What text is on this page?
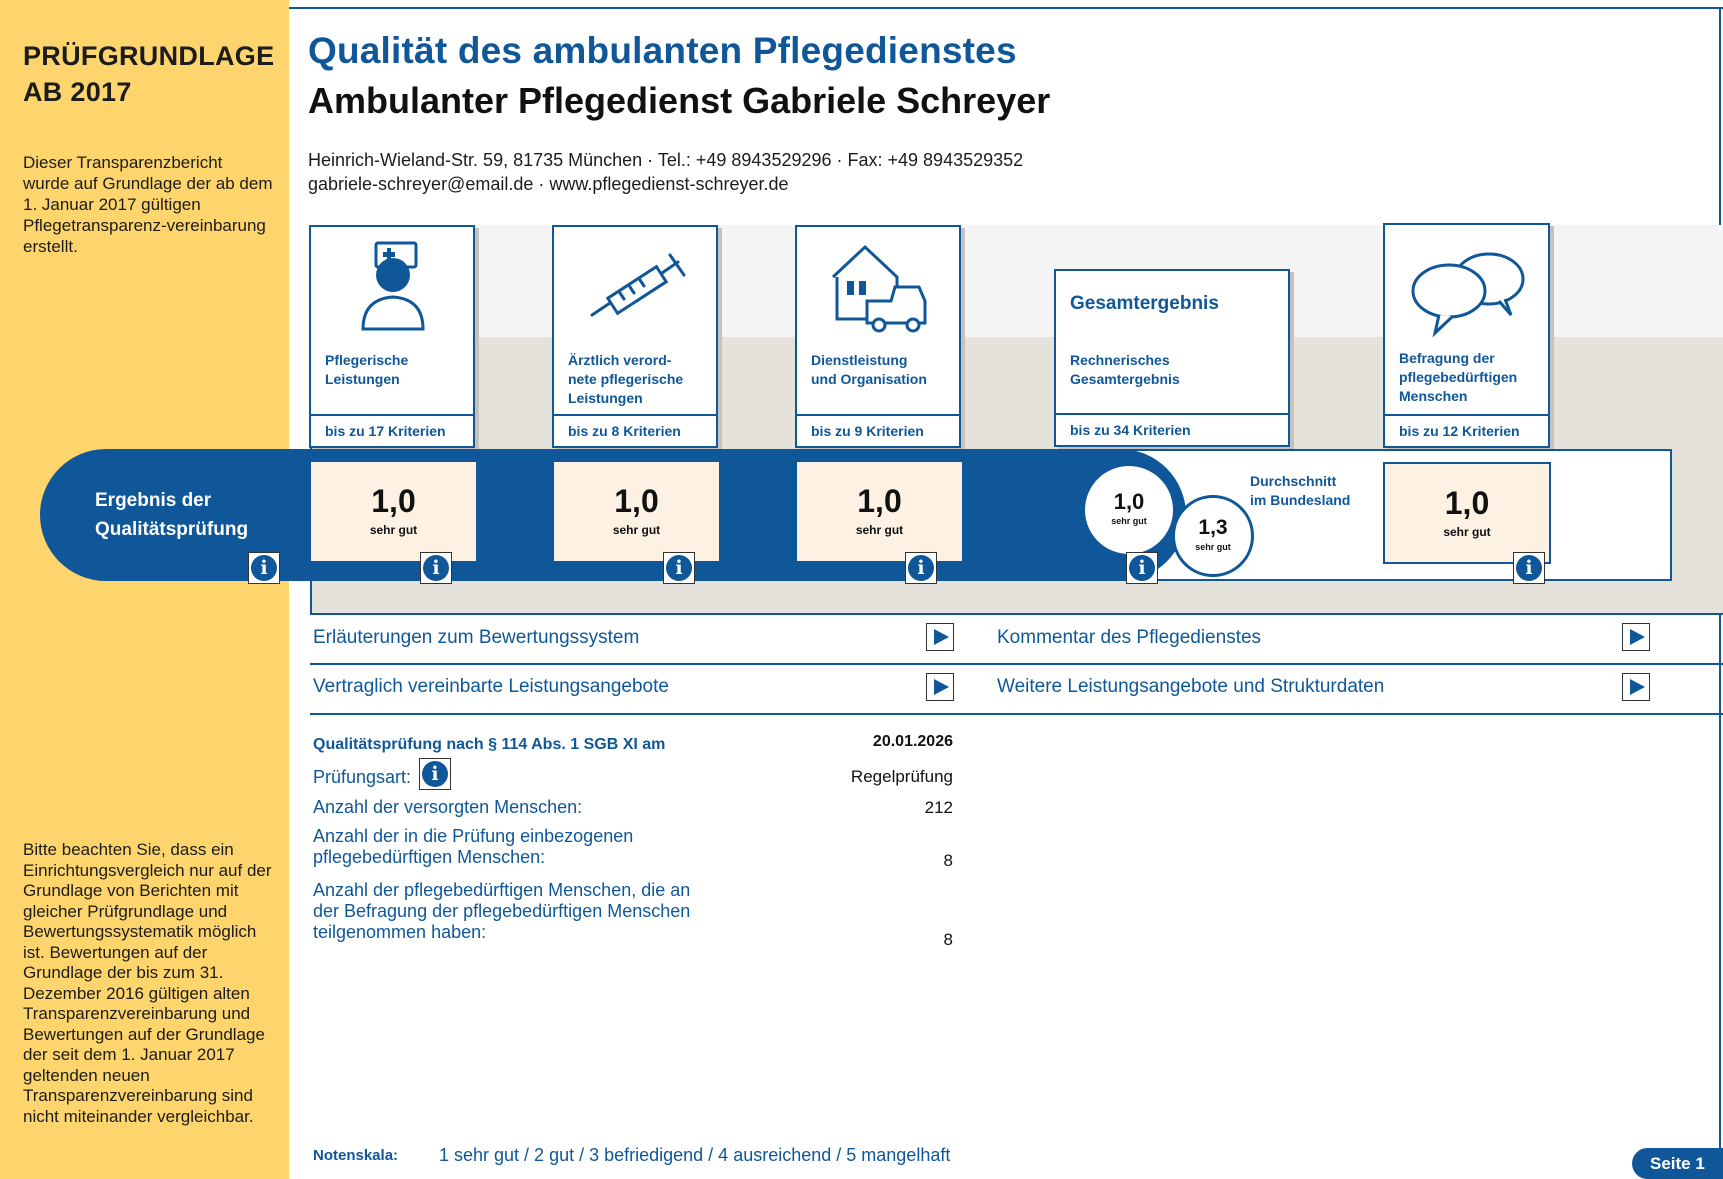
PRÜFGRUNDLAGE
AB 2017
Dieser Transparenzbericht wurde auf Grundlage der ab dem 1. Januar 2017 gültigen Pflegetransparenz-vereinbarung erstellt.
Bitte beachten Sie, dass ein Einrichtungsvergleich nur auf der Grundlage von Berichten mit gleicher Prüfgrundlage und Bewertungssystematik möglich ist. Bewertungen auf der Grundlage der bis zum 31. Dezember 2016 gültigen alten Transparenzvereinbarung und Bewertungen auf der Grundlage der seit dem 1. Januar 2017 geltenden neuen Transparenzvereinbarung sind nicht miteinander vergleichbar.
Qualität des ambulanten Pflegedienstes
Ambulanter Pflegedienst Gabriele Schreyer
Heinrich-Wieland-Str. 59, 81735 München · Tel.: +49 8943529296 · Fax: +49 8943529352
gabriele-schreyer@email.de · www.pflegedienst-schreyer.de
Pflegerische
Leistungen
bis zu 17 Kriterien
Ärztlich verord-
nete pflegerische
Leistungen
bis zu 8 Kriterien
Dienstleistung
und Organisation
bis zu 9 Kriterien
Gesamtergebnis
Rechnerisches
Gesamtergebnis
bis zu 34 Kriterien
Befragung der
pflegebedürftigen
Menschen
bis zu 12 Kriterien
Ergebnis der
Qualitätsprüfung
1,0
sehr gut
1,0
sehr gut
1,0
sehr gut
1,0
sehr gut
1,0
sehr gut	1,3
sehr gut
Durchschnitt
im Bundesland
i	i	i	i	i	i
Erläuterungen zum Bewertungssystem	Kommentar des Pflegedienstes
Vertraglich vereinbarte Leistungsangebote	Weitere Leistungsangebote und Strukturdaten
Qualitätsprüfung nach § 114 Abs. 1 SGB XI am	20.01.2026
Prüfungsart:	i	Regelprüfung
Anzahl der versorgten Menschen:	212
Anzahl der in die Prüfung einbezogenen
pflegebedürftigen Menschen:	8
Anzahl der pflegebedürftigen Menschen, die an
der Befragung der pflegebedürftigen Menschen
teilgenommen haben:	8
Notenskala: 1 sehr gut / 2 gut / 3 befriedigend / 4 ausreichend / 5 mangelhaft	Seite 1
